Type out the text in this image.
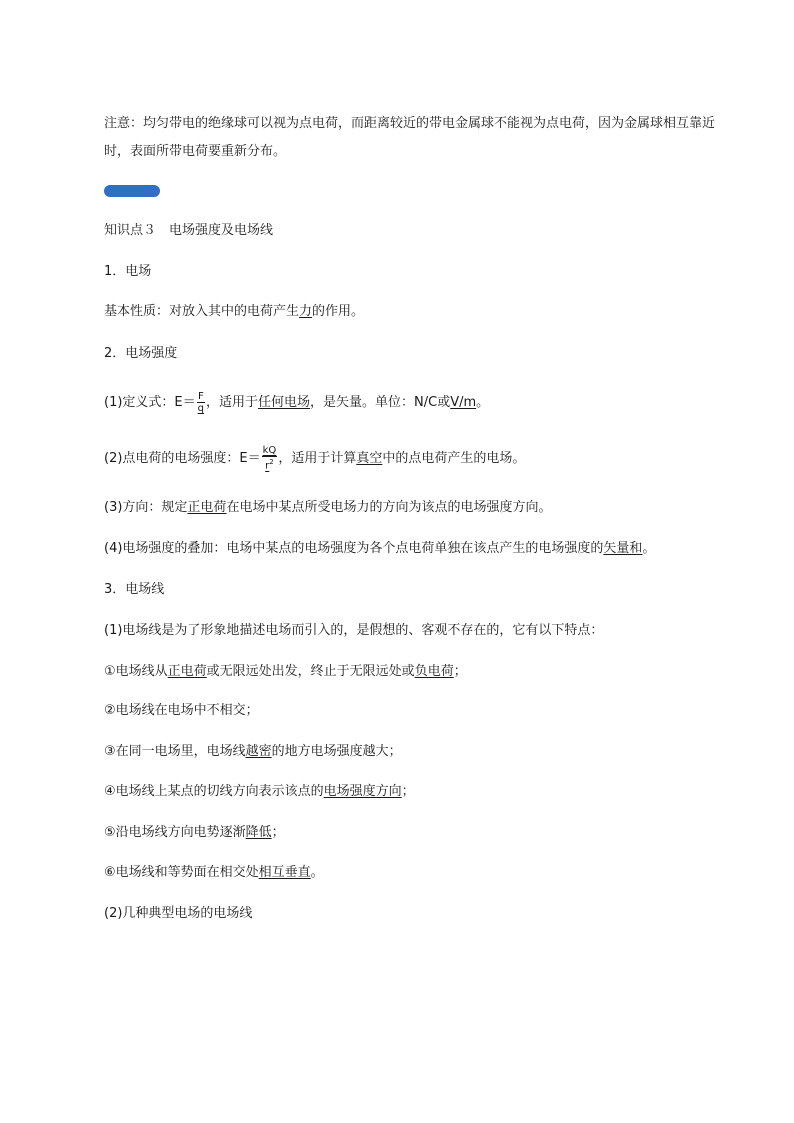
注意：均匀带电的绝缘球可以视为点电荷，而距离较近的带电金属球不能视为点电荷，因为金属球相互靠近时，表面所带电荷要重新分布。
知识点３　电场强度及电场线
1．电场
基本性质：对放入其中的电荷产生力的作用。
2．电场强度
(1)定义式：$E= \frac{F}{q}$ ，适用于任何电场，是矢量。单位：N/C或V/m。
(2)点电荷的电场强度：$E= \frac{kQ}{r^2}$ ，适用于计算真空中的点电荷产生的电场。
(3)方向：规定正电荷在电场中某点所受电场力的方向为该点的电场强度方向。
(4)电场强度的叠加：电场中某点的电场强度为各个点电荷单独在该点产生的电场强度的矢量和。
3．电场线
(1)电场线是为了形象地描述电场而引入的，是假想的、客观不存在的，它有以下特点：
①电场线从正电荷或无限远处出发，终止于无限远处或负电荷；
②电场线在电场中不相交；
③在同一电场里，电场线越密的地方电场强度越大；
④电场线上某点的切线方向表示该点的电场强度方向；
⑤沿电场线方向电势逐渐降低；
⑥电场线和等势面在相交处相互垂直。
(2)几种典型电场的电场线
